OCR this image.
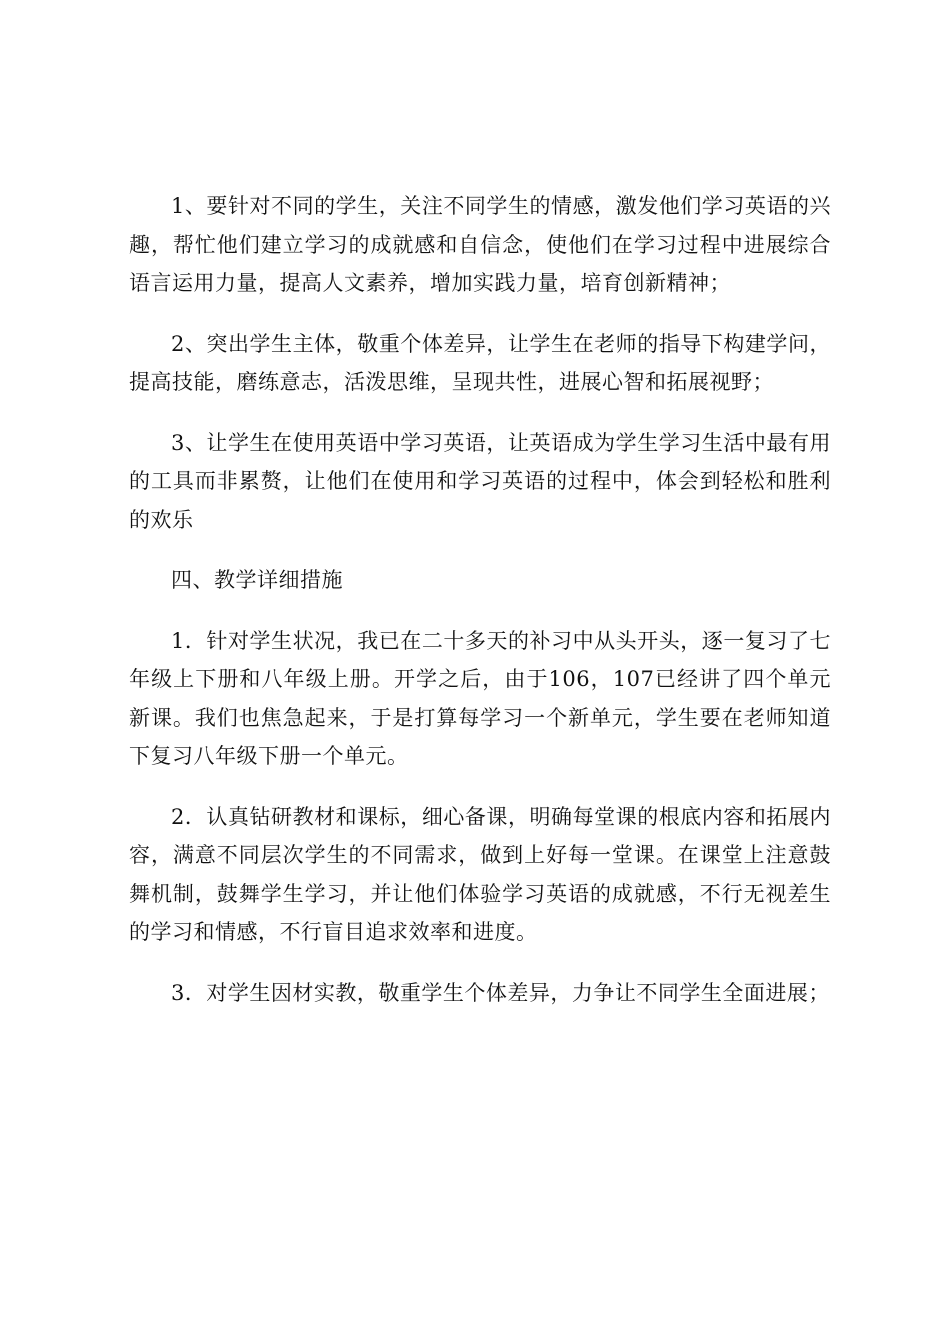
1、要针对不同的学生，关注不同学生的情感，激发他们学习英语的兴趣，帮忙他们建立学习的成就感和自信念，使他们在学习过程中进展综合语言运用力量，提高人文素养，增加实践力量，培育创新精神；

2、突出学生主体，敬重个体差异，让学生在老师的指导下构建学问，提高技能，磨练意志，活泼思维，呈现共性，进展心智和拓展视野；

3、让学生在使用英语中学习英语，让英语成为学生学习生活中最有用的工具而非累赘，让他们在使用和学习英语的过程中，体会到轻松和胜利的欢乐

四、教学详细措施

1．针对学生状况，我已在二十多天的补习中从头开头，逐一复习了七年级上下册和八年级上册。开学之后，由于106，107已经讲了四个单元新课。我们也焦急起来，于是打算每学习一个新单元，学生要在老师知道下复习八年级下册一个单元。

2．认真钻研教材和课标，细心备课，明确每堂课的根底内容和拓展内容，满意不同层次学生的不同需求，做到上好每一堂课。在课堂上注意鼓舞机制，鼓舞学生学习，并让他们体验学习英语的成就感，不行无视差生的学习和情感，不行盲目追求效率和进度。

3．对学生因材实教，敬重学生个体差异，力争让不同学生全面进展；
